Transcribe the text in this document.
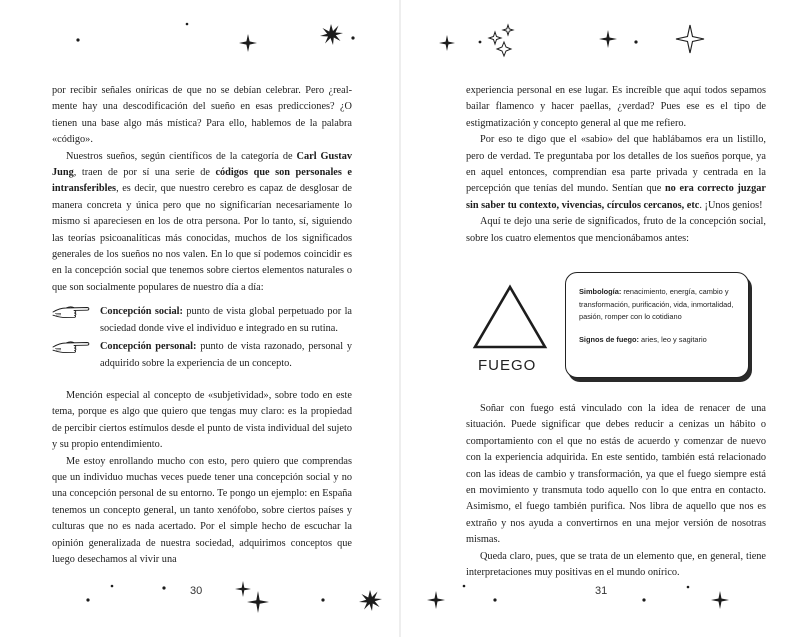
por recibir señales oníricas de que no se debían celebrar. Pero ¿realmente hay una descodificación del sueño en esas predicciones? ¿O tienen una base algo más mística? Para ello, hablemos de la palabra «código».

Nuestros sueños, según científicos de la categoría de Carl Gustav Jung, traen de por sí una serie de códigos que son personales e intransferibles, es decir, que nuestro cerebro es capaz de desglosar de manera concreta y única pero que no significarían necesariamente lo mismo si apareciesen en los de otra persona. Por lo tanto, sí, siguiendo las teorías psicoanalíticas más conocidas, muchos de los significados generales de los sueños no nos valen. En lo que sí podemos coincidir es en la concepción social que tenemos sobre ciertos elementos naturales o que son socialmente populares de nuestro día a día:

Concepción social: punto de vista global perpetuado por la sociedad donde vive el individuo e integrado en su rutina.
Concepción personal: punto de vista razonado, personal y adquirido sobre la experiencia de un concepto.

Mención especial al concepto de «subjetividad», sobre todo en este tema, porque es algo que quiero que tengas muy claro: es la propiedad de percibir ciertos estímulos desde el punto de vista individual del sujeto y su propio entendimiento.

Me estoy enrollando mucho con esto, pero quiero que comprendas que un individuo muchas veces puede tener una concepción social y no una concepción personal de su entorno. Te pongo un ejemplo: en España tenemos un concepto general, un tanto xenófobo, sobre ciertos países y culturas que no es nada acertado. Por el simple hecho de escuchar la opinión generalizada de nuestra sociedad, adquirimos conceptos que luego desechamos al vivir una

30	31

experiencia personal en ese lugar. Es increíble que aquí todos sepamos bailar flamenco y hacer paellas, ¿verdad? Pues ese es el tipo de estigmatización y concepto general al que me refiero.

Por eso te digo que el «sabio» del que hablábamos era un listillo, pero de verdad. Te preguntaba por los detalles de los sueños porque, ya en aquel entonces, comprendían esa parte privada y centrada en la percepción que tenías del mundo. Sentían que no era correcto juzgar sin saber tu contexto, vivencias, círculos cercanos, etc. ¡Unos genios!

Aquí te dejo una serie de significados, fruto de la concepción social, sobre los cuatro elementos que mencionábamos antes:

FUEGO
Simbología: renacimiento, energía, cambio y transformación, purificación, vida, inmortalidad, pasión, romper con lo cotidiano
Signos de fuego: aries, leo y sagitario

Soñar con fuego está vinculado con la idea de renacer de una situación. Puede significar que debes reducir a cenizas un hábito o comportamiento con el que no estás de acuerdo y comenzar de nuevo con la experiencia adquirida. En este sentido, también está relacionado con las ideas de cambio y transformación, ya que el fuego siempre está en movimiento y transmuta todo aquello con lo que entra en contacto. Asimismo, el fuego también purifica. Nos libra de aquello que nos es extraño y nos ayuda a convertirnos en una mejor versión de nosotras mismas.

Queda claro, pues, que se trata de un elemento que, en general, tiene interpretaciones muy positivas en el mundo onírico.
